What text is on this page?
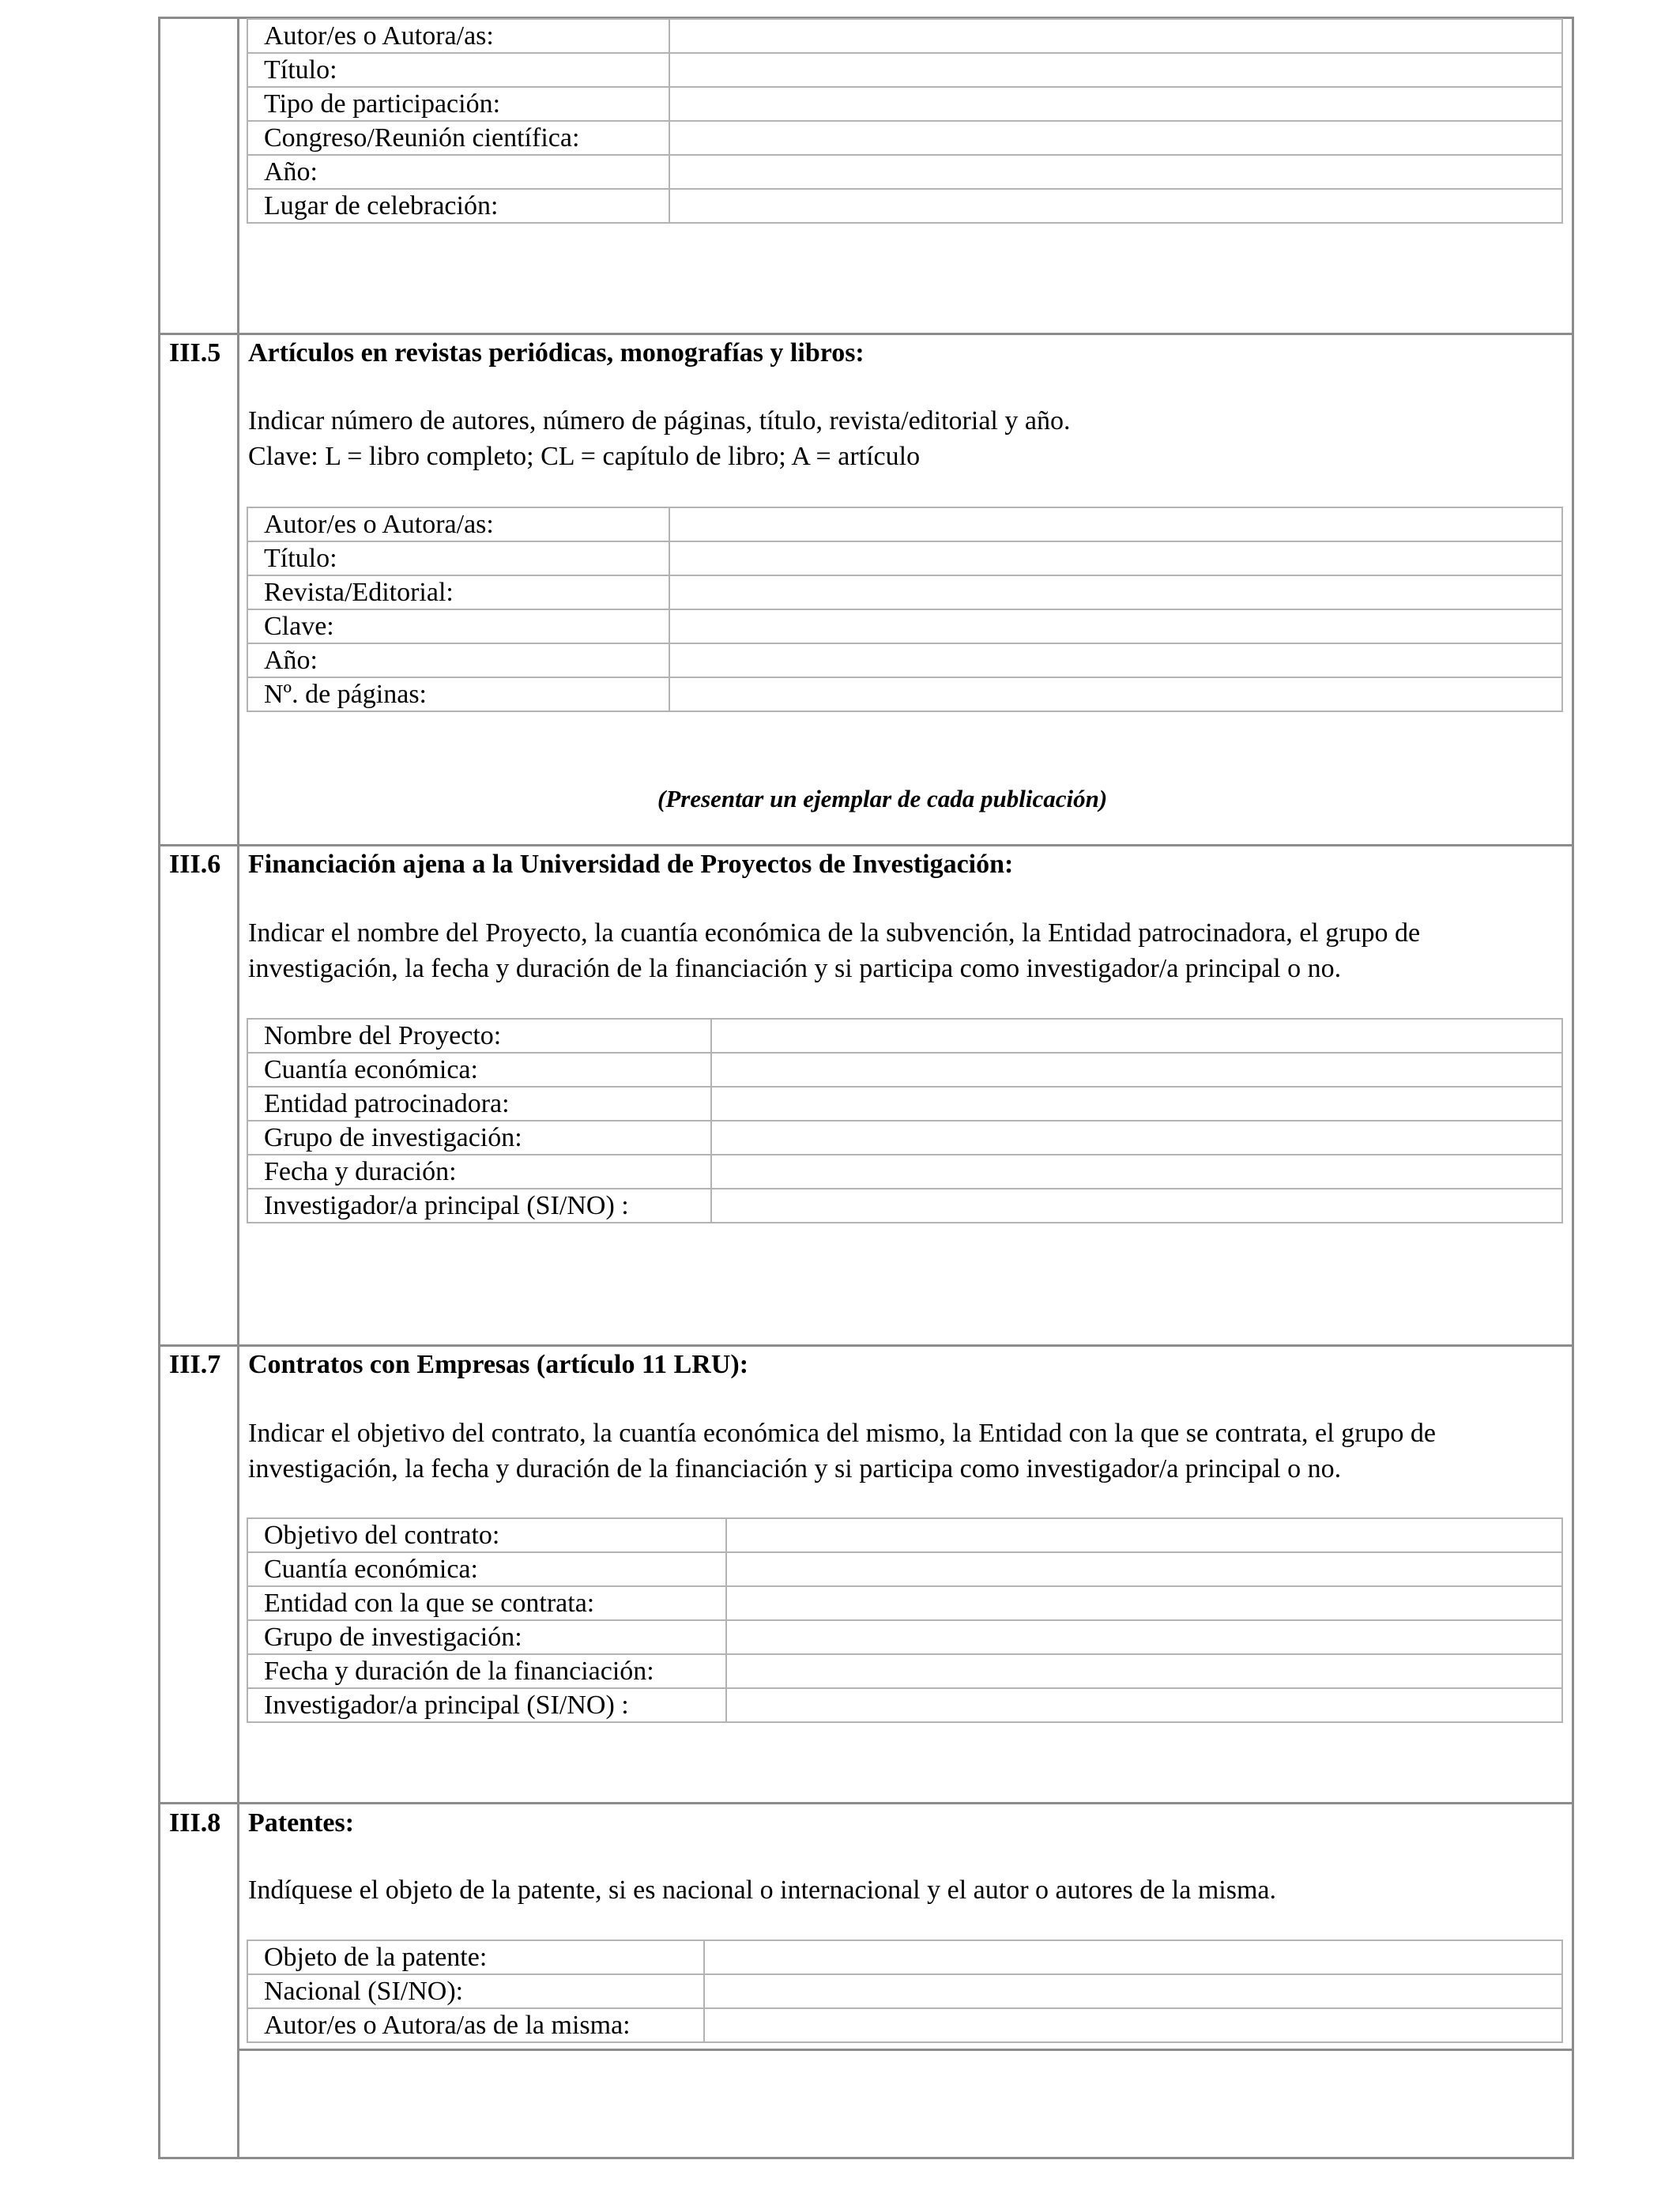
Autor/es o Autora/as:	
Título:	
Tipo de participación:	
Congreso/Reunión científica:	
Año:	
Lugar de celebración:	
III.5 Artículos en revistas periódicas, monografías y libros:
Indicar número de autores, número de páginas, título, revista/editorial y año.
Clave: L = libro completo; CL = capítulo de libro; A = artículo
Autor/es o Autora/as:	
Título:	
Revista/Editorial:	
Clave:	
Año:	
Nº. de páginas:	
(Presentar un ejemplar de cada publicación)
III.6 Financiación ajena a la Universidad de Proyectos de Investigación:
Indicar el nombre del Proyecto, la cuantía económica de la subvención, la Entidad patrocinadora, el grupo de investigación, la fecha y duración de la financiación y si participa como investigador/a principal o no.
Nombre del Proyecto:	
Cuantía económica:	
Entidad patrocinadora:	
Grupo de investigación:	
Fecha y duración:	
Investigador/a principal (SI/NO) :	
III.7 Contratos con Empresas (artículo 11 LRU):
Indicar el objetivo del contrato, la cuantía económica del mismo, la Entidad con la que se contrata, el grupo de investigación, la fecha y duración de la financiación y si participa como investigador/a principal o no.
Objetivo del contrato:	
Cuantía económica:	
Entidad con la que se contrata:	
Grupo de investigación:	
Fecha y duración de la financiación:	
Investigador/a principal (SI/NO) :	
III.8 Patentes:
Indíquese el objeto de la patente, si es nacional o internacional y el autor o autores de la misma.
Objeto de la patente:	
Nacional (SI/NO):	
Autor/es o Autora/as de la misma:	
